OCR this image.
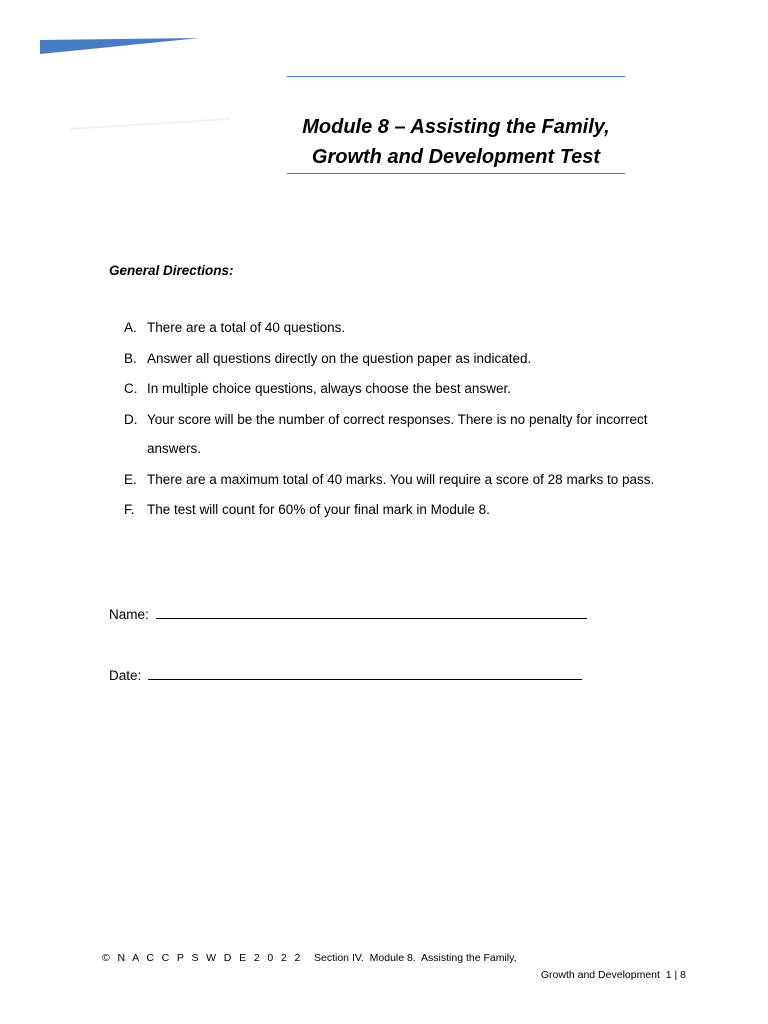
Module 8 – Assisting the Family,
Growth and Development Test
General Directions:
A. There are a total of 40 questions.
B. Answer all questions directly on the question paper as indicated.
C. In multiple choice questions, always choose the best answer.
D. Your score will be the number of correct responses. There is no penalty for incorrect answers.
E. There are a maximum total of 40 marks. You will require a score of 28 marks to pass.
F. The test will count for 60% of your final mark in Module 8.
Name:
Date:
© N A C C P S W D E 2 0 2 2 Section IV.  Module 8.  Assisting the Family,
Growth and Development  1 | 8
